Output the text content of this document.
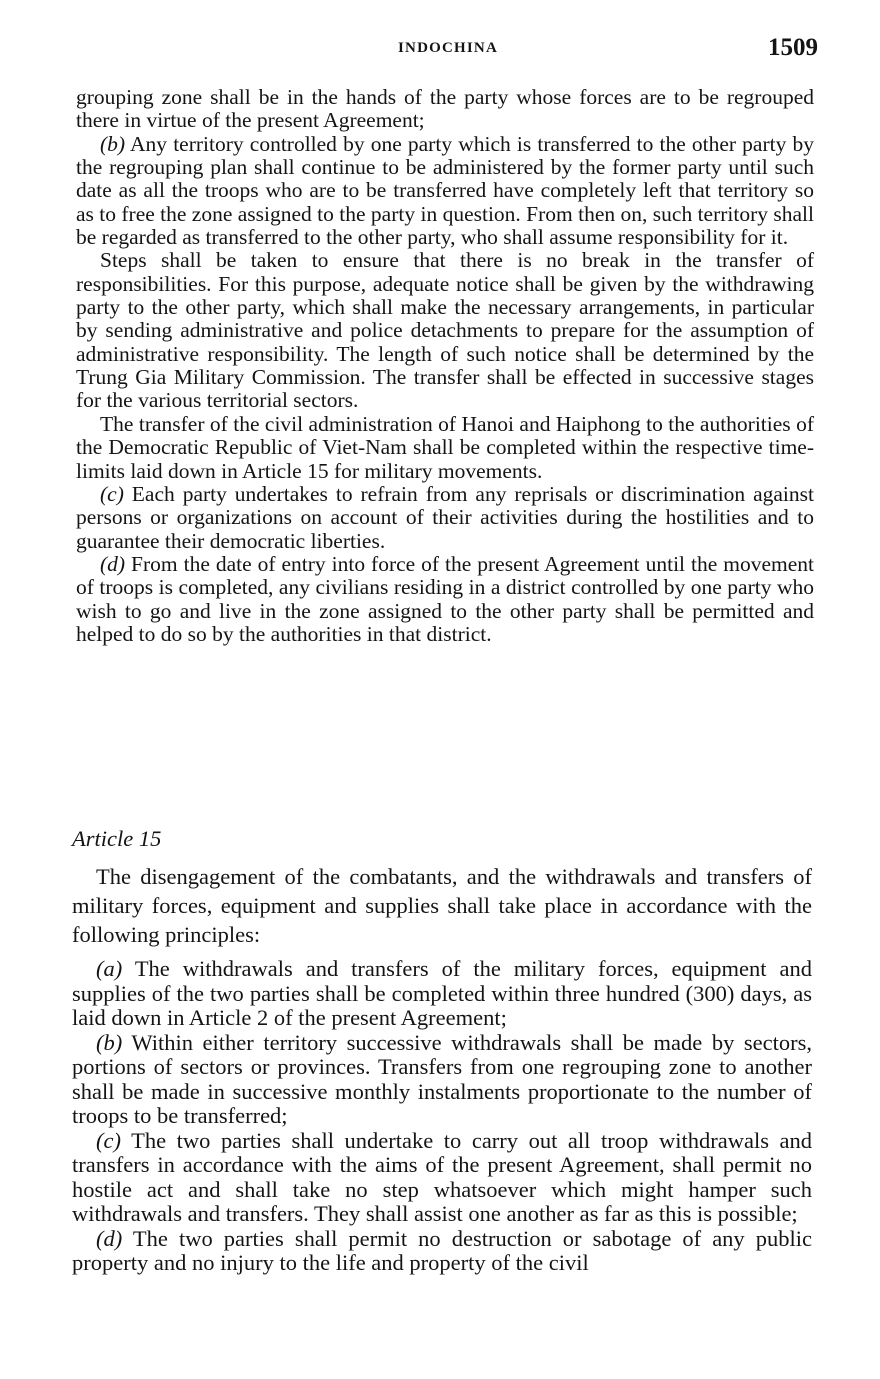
INDOCHINA	1509

grouping zone shall be in the hands of the party whose forces are to be regrouped there in virtue of the present Agreement;

(b) Any territory controlled by one party which is transferred to the other party by the regrouping plan shall continue to be administered by the former party until such date as all the troops who are to be transferred have completely left that territory so as to free the zone assigned to the party in question. From then on, such territory shall be regarded as transferred to the other party, who shall assume responsibility for it.

Steps shall be taken to ensure that there is no break in the transfer of responsibilities. For this purpose, adequate notice shall be given by the withdrawing party to the other party, which shall make the necessary arrangements, in particular by sending administrative and police detachments to prepare for the assumption of administrative responsibility. The length of such notice shall be determined by the Trung Gia Military Commission. The transfer shall be effected in successive stages for the various territorial sectors.

The transfer of the civil administration of Hanoi and Haiphong to the authorities of the Democratic Republic of Viet-Nam shall be completed within the respective time-limits laid down in Article 15 for military movements.

(c) Each party undertakes to refrain from any reprisals or discrimination against persons or organizations on account of their activities during the hostilities and to guarantee their democratic liberties.

(d) From the date of entry into force of the present Agreement until the movement of troops is completed, any civilians residing in a district controlled by one party who wish to go and live in the zone assigned to the other party shall be permitted and helped to do so by the authorities in that district.

Article 15

The disengagement of the combatants, and the withdrawals and transfers of military forces, equipment and supplies shall take place in accordance with the following principles:

(a) The withdrawals and transfers of the military forces, equipment and supplies of the two parties shall be completed within three hundred (300) days, as laid down in Article 2 of the present Agreement;

(b) Within either territory successive withdrawals shall be made by sectors, portions of sectors or provinces. Transfers from one regrouping zone to another shall be made in successive monthly instalments proportionate to the number of troops to be transferred;

(c) The two parties shall undertake to carry out all troop withdrawals and transfers in accordance with the aims of the present Agreement, shall permit no hostile act and shall take no step whatsoever which might hamper such withdrawals and transfers. They shall assist one another as far as this is possible;

(d) The two parties shall permit no destruction or sabotage of any public property and no injury to the life and property of the civil
